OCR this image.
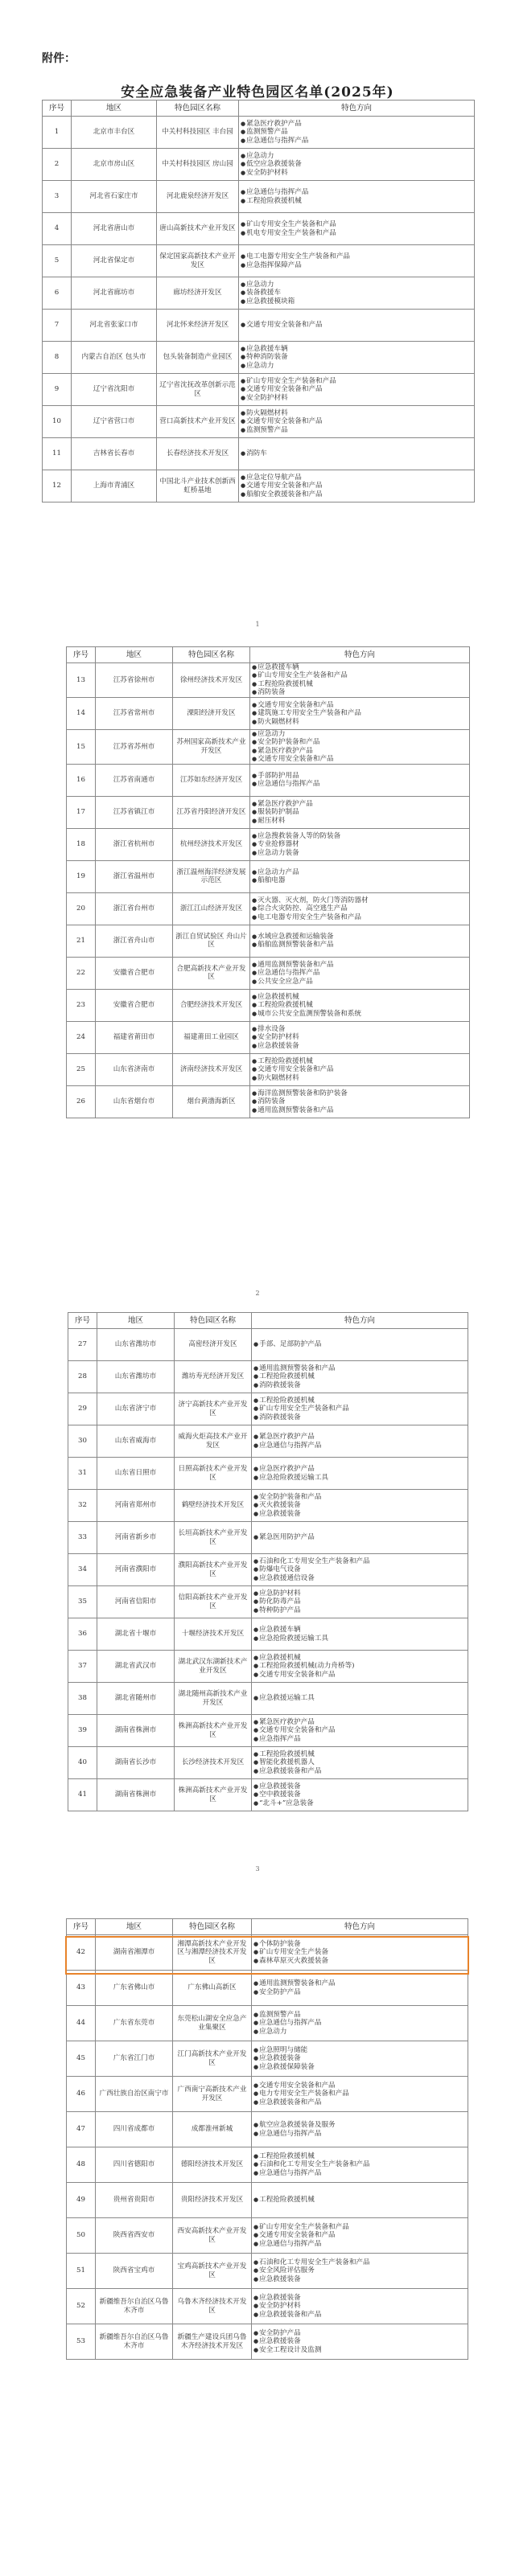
附件：
安全应急装备产业特色园区名单(2025年)
序号	地区	特色园区名称	特色方向
1	北京市丰台区	中关村科技园区 丰台园	● 紧急医疗救护产品
● 监测预警产品
● 应急通信与指挥产品

2	北京市房山区	中关村科技园区 房山园	● 应急动力
● 低空应急救援装备
● 安全防护材料

3	河北省石家庄市	河北鹿泉经济开发区	● 应急通信与指挥产品
● 工程抢险救援机械

4	河北省唐山市	唐山高新技术产业开发区	● 矿山专用安全生产装备和产品
● 机电专用安全生产装备和产品

5	河北省保定市	保定国家高新技术产业开发区	● 电工电器专用安全生产装备和产品
● 应急指挥保障产品

6	河北省廊坊市	廊坊经济开发区	● 应急动力
● 装备救援车
● 应急救援模块箱

7	河北省张家口市	河北怀来经济开发区	● 交通专用安全装备和产品

8	内蒙古自治区 包头市	包头装备制造产业园区	● 应急救援车辆
● 特种消防装备
● 应急动力

9	辽宁省沈阳市	辽宁省沈抚改革创新示范区	● 矿山专用安全生产装备和产品
● 交通专用安全装备和产品
● 安全防护材料

10	辽宁省营口市	营口高新技术产业开发区	● 防火隔燃材料
● 交通专用安全装备和产品
● 监测预警产品

11	吉林省长春市	长春经济技术开发区	● 消防车

12	上海市青浦区	中国北斗产业技术创新西虹桥基地	● 应急定位导航产品
● 交通专用安全装备和产品
● 船舶安全救援装备和产品
1
序号	地区	特色园区名称	特色方向
13	江苏省徐州市	徐州经济技术开发区	● 应急救援车辆
● 矿山专用安全生产装备和产品
● 工程抢险救援机械
● 消防装备

14	江苏省常州市	溧阳经济开发区	● 交通专用安全装备和产品
● 建筑施工专用安全生产装备和产品
● 防火隔燃材料

15	江苏省苏州市	苏州国家高新技术产业开发区	● 应急动力
● 安全防护装备和产品
● 紧急医疗救护产品
● 交通专用安全装备和产品

16	江苏省南通市	江苏如东经济开发区	● 手部防护用品
● 应急通信与指挥产品

17	江苏省镇江市	江苏省丹阳经济开发区	● 紧急医疗救护产品
● 服装防护制品
● 耐压材料

18	浙江省杭州市	杭州经济技术开发区	● 应急搜救装备人等的防装备
● 专业抢修器材
● 应急动力装备

19	浙江省温州市	浙江温州海洋经济发展示范区	● 应急动力产品
● 船舶电器

20	浙江省台州市	浙江江山经济开发区	● 灭火器、灭火剂，防火门等消防器材
● 综合火灾防控、高空逃生产品
● 电工电器专用安全生产装备和产品

21	浙江省舟山市	浙江自贸试验区 舟山片区	● 水域应急救援和运输装备
● 船舶监测预警装备和产品

22	安徽省合肥市	合肥高新技术产业开发区	● 通用监测预警装备和产品
● 应急通信与指挥产品
● 公共安全应急产品

23	安徽省合肥市	合肥经济技术开发区	● 应急救援机械
● 工程抢险救援机械
● 城市公共安全监测预警装备和系统

24	福建省莆田市	福建莆田工业园区	● 排水设备
● 安全防护材料
● 应急救援装备

25	山东省济南市	济南经济技术开发区	● 工程抢险救援机械
● 交通专用安全装备和产品
● 防火隔燃材料

26	山东省烟台市	烟台黄渤海新区	● 海洋监测预警装备和防护装备
● 消防装备
● 通用监测预警装备和产品
2
序号	地区	特色园区名称	特色方向
27	山东省潍坊市	高密经济开发区	● 手部、足部防护产品

28	山东省潍坊市	潍坊寿光经济开发区	● 通用监测预警装备和产品
● 工程抢险救援机械
● 消防救援装备

29	山东省济宁市	济宁高新技术产业开发区	● 工程抢险救援机械
● 矿山专用安全生产装备和产品
● 消防救援装备

30	山东省威海市	威海火炬高技术产业开发区	● 紧急医疗救护产品
● 应急通信与指挥产品

31	山东省日照市	日照高新技术产业开发区	● 应急医疗救护产品
● 应急抢险救援运输工具

32	河南省郑州市	鹤壁经济技术开发区	● 安全防护装备和产品
● 灭火救援装备
● 应急救援装备

33	河南省新乡市	长垣高新技术产业开发区	● 紧急医用防护产品

34	河南省濮阳市	濮阳高新技术产业开发区	● 石油和化工专用安全生产装备和产品
● 防爆电气设备
● 应急救援通信设备

35	河南省信阳市	信阳高新技术产业开发区	● 应急防护材料
● 防化防毒产品
● 特种防护产品

36	湖北省十堰市	十堰经济技术开发区	● 应急救援车辆
● 应急抢险救援运输工具

37	湖北省武汉市	湖北武汉东湖新技术产业开发区	● 应急救援机械
● 工程抢险救援机械(动力舟桥等)
● 交通专用安全装备和产品

38	湖北省随州市	湖北随州高新技术产业开发区	● 应急救援运输工具

39	湖南省株洲市	株洲高新技术产业开发区	● 紧急医疗救护产品
● 交通专用安全装备和产品
● 应急指挥产品

40	湖南省长沙市	长沙经济技术开发区	● 工程抢险救援机械
● 智能化救援机器人
● 应急救援装备和产品

41	湖南省株洲市	株洲高新技术产业开发区	● 应急救援装备
● 空中救援装备
● “北斗+”应急装备
3
序号	地区	特色园区名称	特色方向
42	湖南省湘潭市	湘潭高新技术产业开发区与湘潭经济技术开发区	● 个体防护装备
● 矿山专用安全生产装备
● 森林草原灭火救援装备

43	广东省佛山市	广东佛山高新区	● 通用监测预警装备和产品
● 安全防护产品

44	广东省东莞市	东莞松山湖安全应急产业集聚区	● 监测预警产品
● 应急通信与指挥产品
● 应急动力

45	广东省江门市	江门高新技术产业开发区	● 应急照明与储能
● 应急救援装备
● 应急救援保障装备

46	广西壮族自治区南宁市	广西南宁高新技术产业开发区	● 交通专用安全装备和产品
● 电力专用安全生产装备和产品
● 应急救援装备和产品

47	四川省成都市	成都淮州新城	● 航空应急救援装备及服务
● 应急通信与指挥产品

48	四川省德阳市	德阳经济技术开发区	● 工程抢险救援机械
● 石油和化工专用安全生产装备和产品
● 应急通信与指挥产品

49	贵州省贵阳市	贵阳经济技术开发区	● 工程抢险救援机械

50	陕西省西安市	西安高新技术产业开发区	● 矿山专用安全生产装备和产品
● 交通专用安全装备和产品
● 应急通信与指挥产品

51	陕西省宝鸡市	宝鸡高新技术产业开发区	● 石油和化工专用安全生产装备和产品
● 安全风险评估服务
● 应急救援装备

52	新疆维吾尔自治区乌鲁木齐市	乌鲁木齐经济技术开发区	● 应急救援装备
● 安全防护材料
● 应急救援装备和产品

53	新疆维吾尔自治区乌鲁木齐市	新疆生产建设兵团乌鲁木齐经济技术开发区	● 安全防护产品
● 应急救援装备
● 安全工程设计及监测
